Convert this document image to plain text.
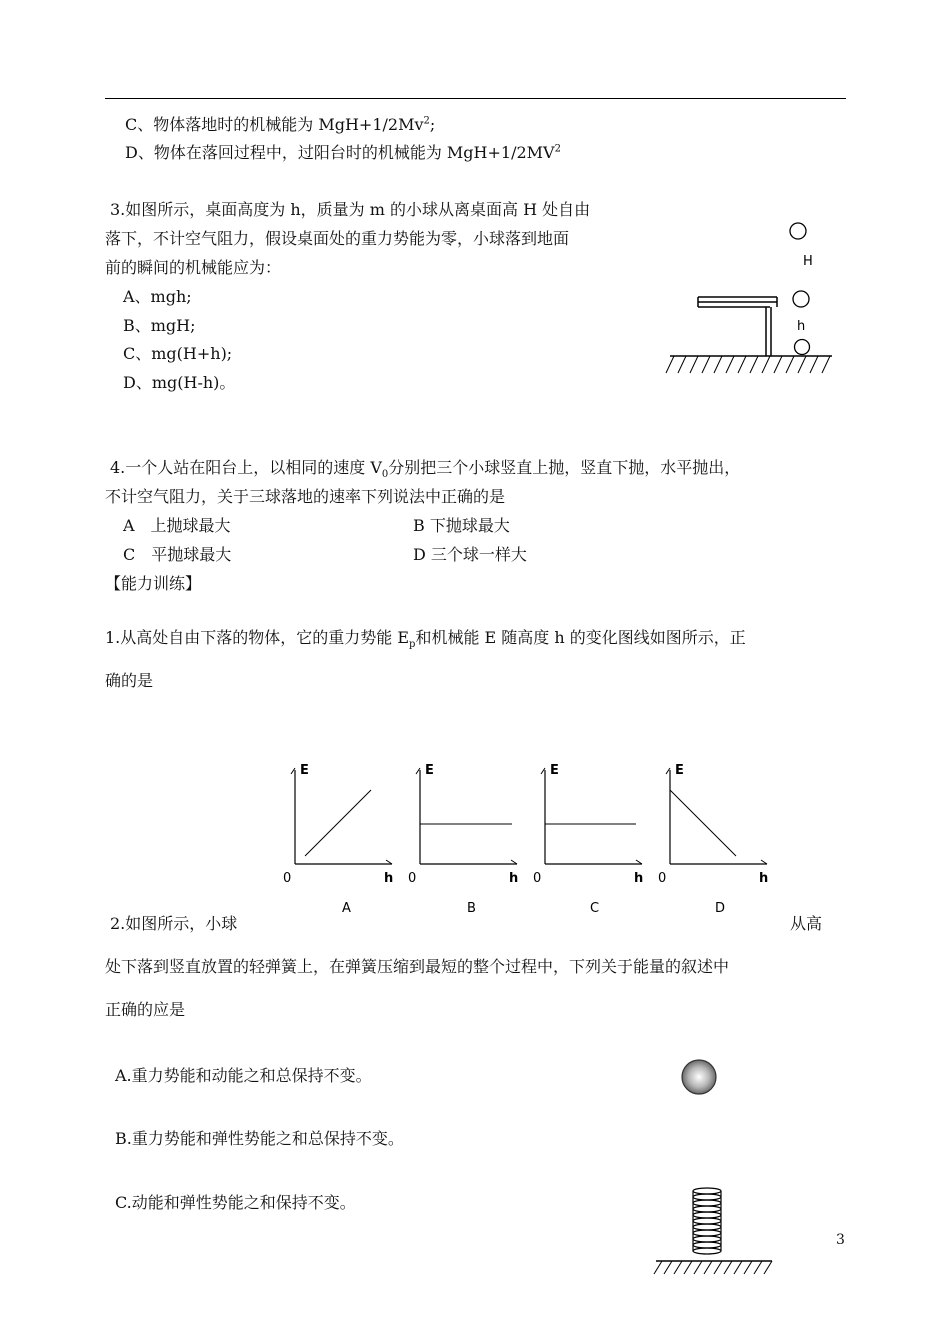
C、物体落地时的机械能为 $MgH+1/2Mv^2$;
D、物体在落回过程中，过阳台时的机械能为 $MgH+1/2MV^2$
3.如图所示，桌面高度为 h，质量为 m 的小球从离桌面高 H 处自由
落下，不计空气阻力，假设桌面处的重力势能为零，小球落到地面
前的瞬间的机械能应为：
A、mgh;
B、mgH;
C、mg(H+h);
D、mg(H-h)。
H
h
4.一个人站在阳台上，以相同的速度 $V_0$分别把三个小球竖直上抛，竖直下抛，水平抛出，
不计空气阻力，关于三球落地的速率下列说法中正确的是
A　上抛球最大	B 下抛球最大
C　平抛球最大	D 三个球一样大
【能力训练】
1.从高处自由下落的物体，它的重力势能 $E_p$和机械能 E 随高度 h 的变化图线如图所示，正
确的是
E
0	h
A
E
0	h
B
E
0	h
C
E
0	h
D
2.如图所示，小球	从高
处下落到竖直放置的轻弹簧上，在弹簧压缩到最短的整个过程中，下列关于能量的叙述中
正确的应是
A.重力势能和动能之和总保持不变。
B.重力势能和弹性势能之和总保持不变。
C.动能和弹性势能之和保持不变。
3
